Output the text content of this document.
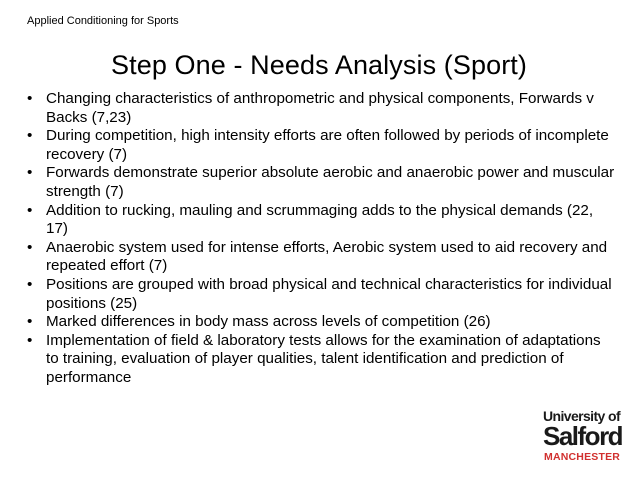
Applied Conditioning for Sports
Step One - Needs Analysis (Sport)
• Changing characteristics of anthropometric and physical components, Forwards v Backs (7,23)
• During competition, high intensity efforts are often followed by periods of incomplete recovery (7)
• Forwards demonstrate superior absolute aerobic and anaerobic power and muscular strength (7)
• Addition to rucking, mauling and scrummaging adds to the physical demands (22, 17)
• Anaerobic system used for intense efforts, Aerobic system used to aid recovery and repeated effort (7)
• Positions are grouped with broad physical and technical characteristics for individual positions (25)
• Marked differences in body mass across levels of competition (26)
• Implementation of field & laboratory tests allows for the examination of adaptations to training, evaluation of player qualities, talent identification and prediction of performance
University of
Salford
MANCHESTER
